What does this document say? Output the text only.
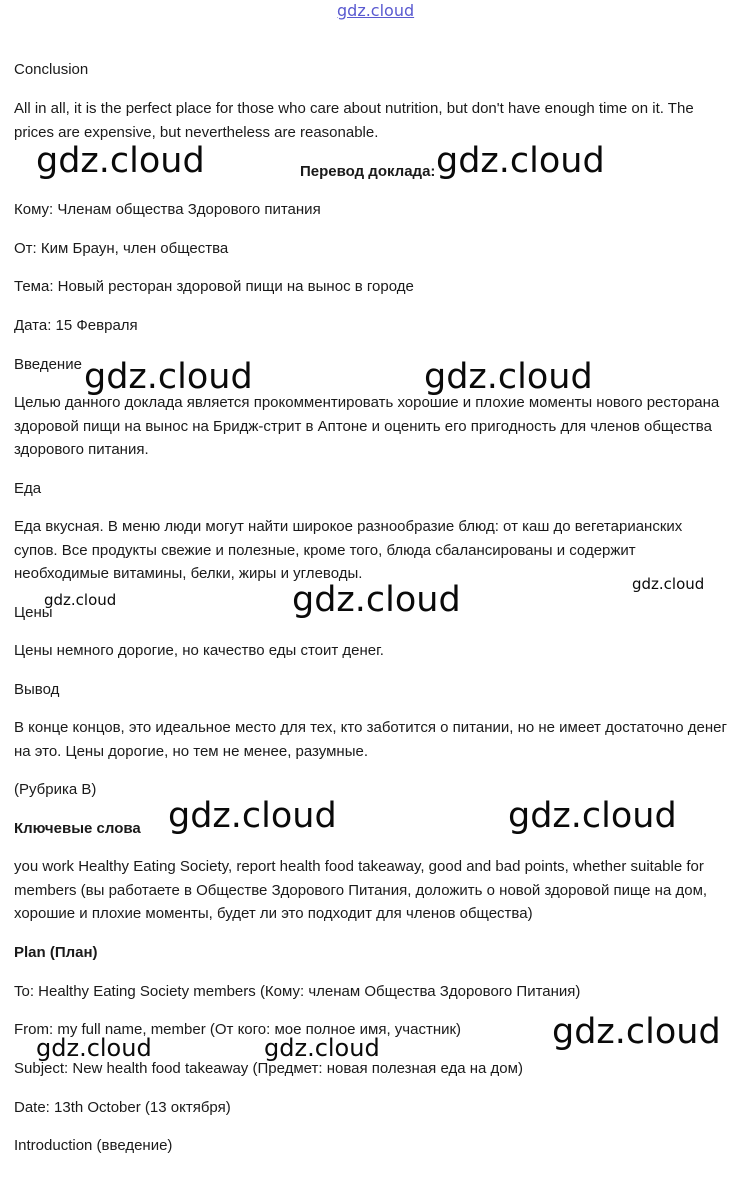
gdz.cloud

Conclusion

All in all, it is the perfect place for those who care about nutrition, but don't have enough time on it. The prices are expensive, but nevertheless are reasonable.

gdz.cloud	Перевод доклада: gdz.cloud

Кому: Членам общества Здорового питания

От: Ким Браун, член общества

Тема: Новый ресторан здоровой пищи на вынос в городе

Дата: 15 Февраля

Введение gdz.cloud	gdz.cloud

Целью данного доклада является прокомментировать хорошие и плохие моменты нового ресторана здоровой пищи на вынос на Бридж-стрит в Аптоне и оценить его пригодность для членов общества здорового питания.

Еда

Еда вкусная. В меню люди могут найти широкое разнообразие блюд: от каш до вегетарианских супов. Все продукты свежие и полезные, кроме того, блюда сбалансированы и содержит необходимые витамины, белки, жиры и углеводы.

gdz.cloud
gdz.cloud	gdz.cloud

Цены

Цены немного дорогие, но качество еды стоит денег.

Вывод

В конце концов, это идеальное место для тех, кто заботится о питании, но не имеет достаточно денег на это. Цены дорогие, но тем не менее, разумные.

(Рубрика B)

Ключевые слова gdz.cloud	gdz.cloud

you work Healthy Eating Society, report health food takeaway, good and bad points, whether suitable for members (вы работаете в Обществе Здорового Питания, доложить о новой здоровой пище на дом, хорошие и плохие моменты, будет ли это подходит для членов общества)

Plan (План)

To: Healthy Eating Society members (Кому: членам Общества Здорового Питания)

From: my full name, member (От кого: мое полное имя, участник)	gdz.cloud
gdz.cloud	gdz.cloud

Subject: New health food takeaway (Предмет: новая полезная еда на дом)

Date: 13th October (13 октября)

Introduction (введение)
